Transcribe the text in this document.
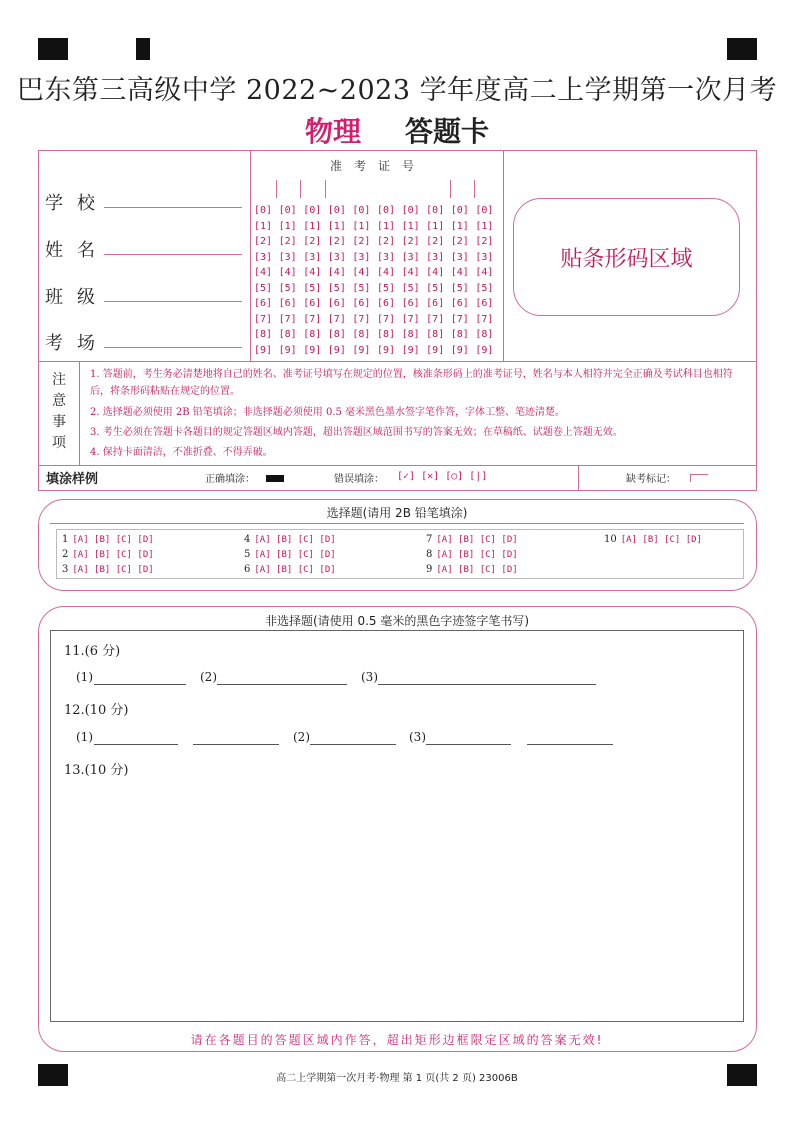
巴东第三高级中学 2022~2023 学年度高二上学期第一次月考
物理 答题卡
学校
姓名
班级
考场
准考证号
[0] [0] [0] [0] [0] [0] [0] [0] [0] [0]
[1] [1] [1] [1] [1] [1] [1] [1] [1] [1]
[2] [2] [2] [2] [2] [2] [2] [2] [2] [2]
[3] [3] [3] [3] [3] [3] [3] [3] [3] [3]
[4] [4] [4] [4] [4] [4] [4] [4] [4] [4]
[5] [5] [5] [5] [5] [5] [5] [5] [5] [5]
[6] [6] [6] [6] [6] [6] [6] [6] [6] [6]
[7] [7] [7] [7] [7] [7] [7] [7] [7] [7]
[8] [8] [8] [8] [8] [8] [8] [8] [8] [8]
[9] [9] [9] [9] [9] [9] [9] [9] [9] [9]
贴条形码区域
注
意
事
项
1. 答题前，考生务必清楚地将自己的姓名、准考证号填写在规定的位置，核准条形码上的准考证号，姓名与本人相符并完全正确及考试科目也相符后，将条形码粘贴在规定的位置。
2. 选择题必须使用 2B 铅笔填涂；非选择题必须使用 0.5 毫米黑色墨水签字笔作答，字体工整、笔迹清楚。
3. 考生必须在答题卡各题目的规定答题区域内答题，超出答题区域范围书写的答案无效；在草稿纸、试题卷上答题无效。
4. 保持卡面清洁，不准折叠、不得弄破。
填涂样例	正确填涂：	错误填涂： [✓] [✕] [○] [|]	缺考标记：
选择题(请用 2B 铅笔填涂)
1 [A] [B] [C] [D]
2 [A] [B] [C] [D]
3 [A] [B] [C] [D]
4 [A] [B] [C] [D]
5 [A] [B] [C] [D]
6 [A] [B] [C] [D]
7 [A] [B] [C] [D]
8 [A] [B] [C] [D]
9 [A] [B] [C] [D]
10 [A] [B] [C] [D]
非选择题(请使用 0.5 毫米的黑色字迹签字笔书写)
11.(6 分)
(1)	(2)	(3)
12.(10 分)
(1)	(2)	(3)
13.(10 分)
请在各题目的答题区域内作答，超出矩形边框限定区域的答案无效!
高二上学期第一次月考·物理 第 1 页(共 2 页) 23006B
